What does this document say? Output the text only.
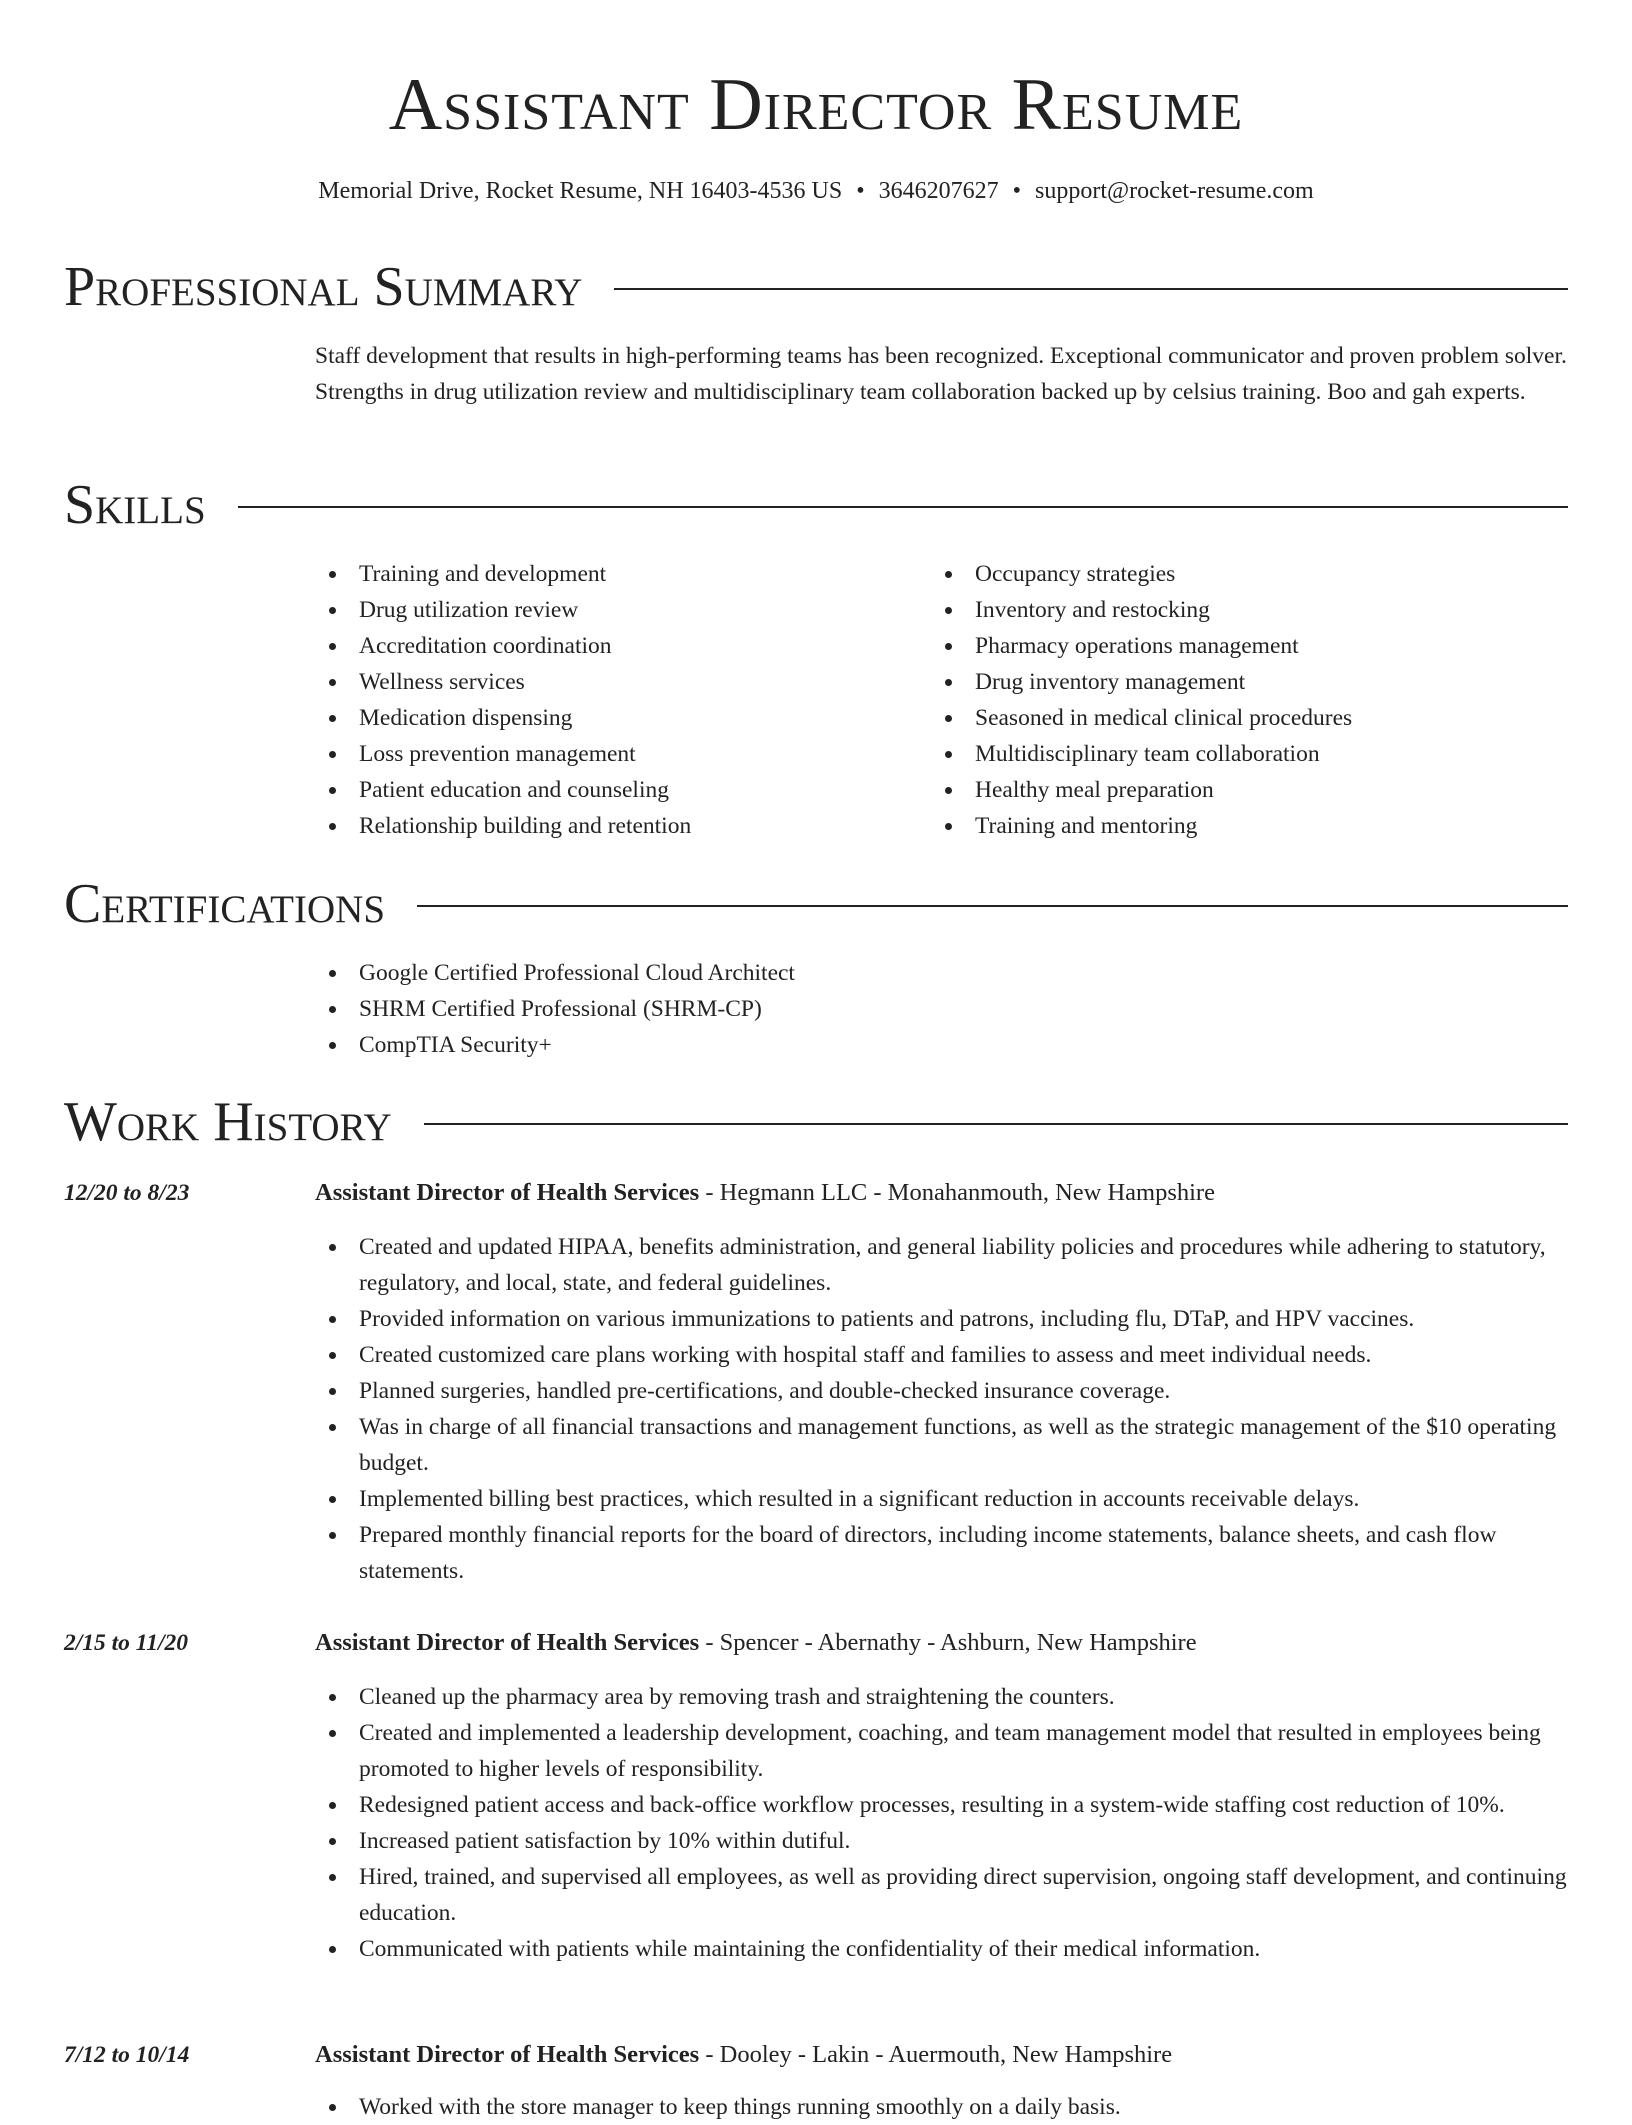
Assistant Director Resume
Memorial Drive, Rocket Resume, NH 16403-4536 US • 3646207627 • support@rocket-resume.com
Professional Summary
Staff development that results in high-performing teams has been recognized. Exceptional communicator and proven problem solver. Strengths in drug utilization review and multidisciplinary team collaboration backed up by celsius training. Boo and gah experts.
Skills
Training and development
Drug utilization review
Accreditation coordination
Wellness services
Medication dispensing
Loss prevention management
Patient education and counseling
Relationship building and retention
Occupancy strategies
Inventory and restocking
Pharmacy operations management
Drug inventory management
Seasoned in medical clinical procedures
Multidisciplinary team collaboration
Healthy meal preparation
Training and mentoring
Certifications
Google Certified Professional Cloud Architect
SHRM Certified Professional (SHRM-CP)
CompTIA Security+
Work History
12/20 to 8/23	Assistant Director of Health Services - Hegmann LLC - Monahanmouth, New Hampshire
Created and updated HIPAA, benefits administration, and general liability policies and procedures while adhering to statutory, regulatory, and local, state, and federal guidelines.
Provided information on various immunizations to patients and patrons, including flu, DTaP, and HPV vaccines.
Created customized care plans working with hospital staff and families to assess and meet individual needs.
Planned surgeries, handled pre-certifications, and double-checked insurance coverage.
Was in charge of all financial transactions and management functions, as well as the strategic management of the $10 operating budget.
Implemented billing best practices, which resulted in a significant reduction in accounts receivable delays.
Prepared monthly financial reports for the board of directors, including income statements, balance sheets, and cash flow statements.
2/15 to 11/20	Assistant Director of Health Services - Spencer - Abernathy - Ashburn, New Hampshire
Cleaned up the pharmacy area by removing trash and straightening the counters.
Created and implemented a leadership development, coaching, and team management model that resulted in employees being promoted to higher levels of responsibility.
Redesigned patient access and back-office workflow processes, resulting in a system-wide staffing cost reduction of 10%.
Increased patient satisfaction by 10% within dutiful.
Hired, trained, and supervised all employees, as well as providing direct supervision, ongoing staff development, and continuing education.
Communicated with patients while maintaining the confidentiality of their medical information.
7/12 to 10/14	Assistant Director of Health Services - Dooley - Lakin - Auermouth, New Hampshire
Worked with the store manager to keep things running smoothly on a daily basis.
